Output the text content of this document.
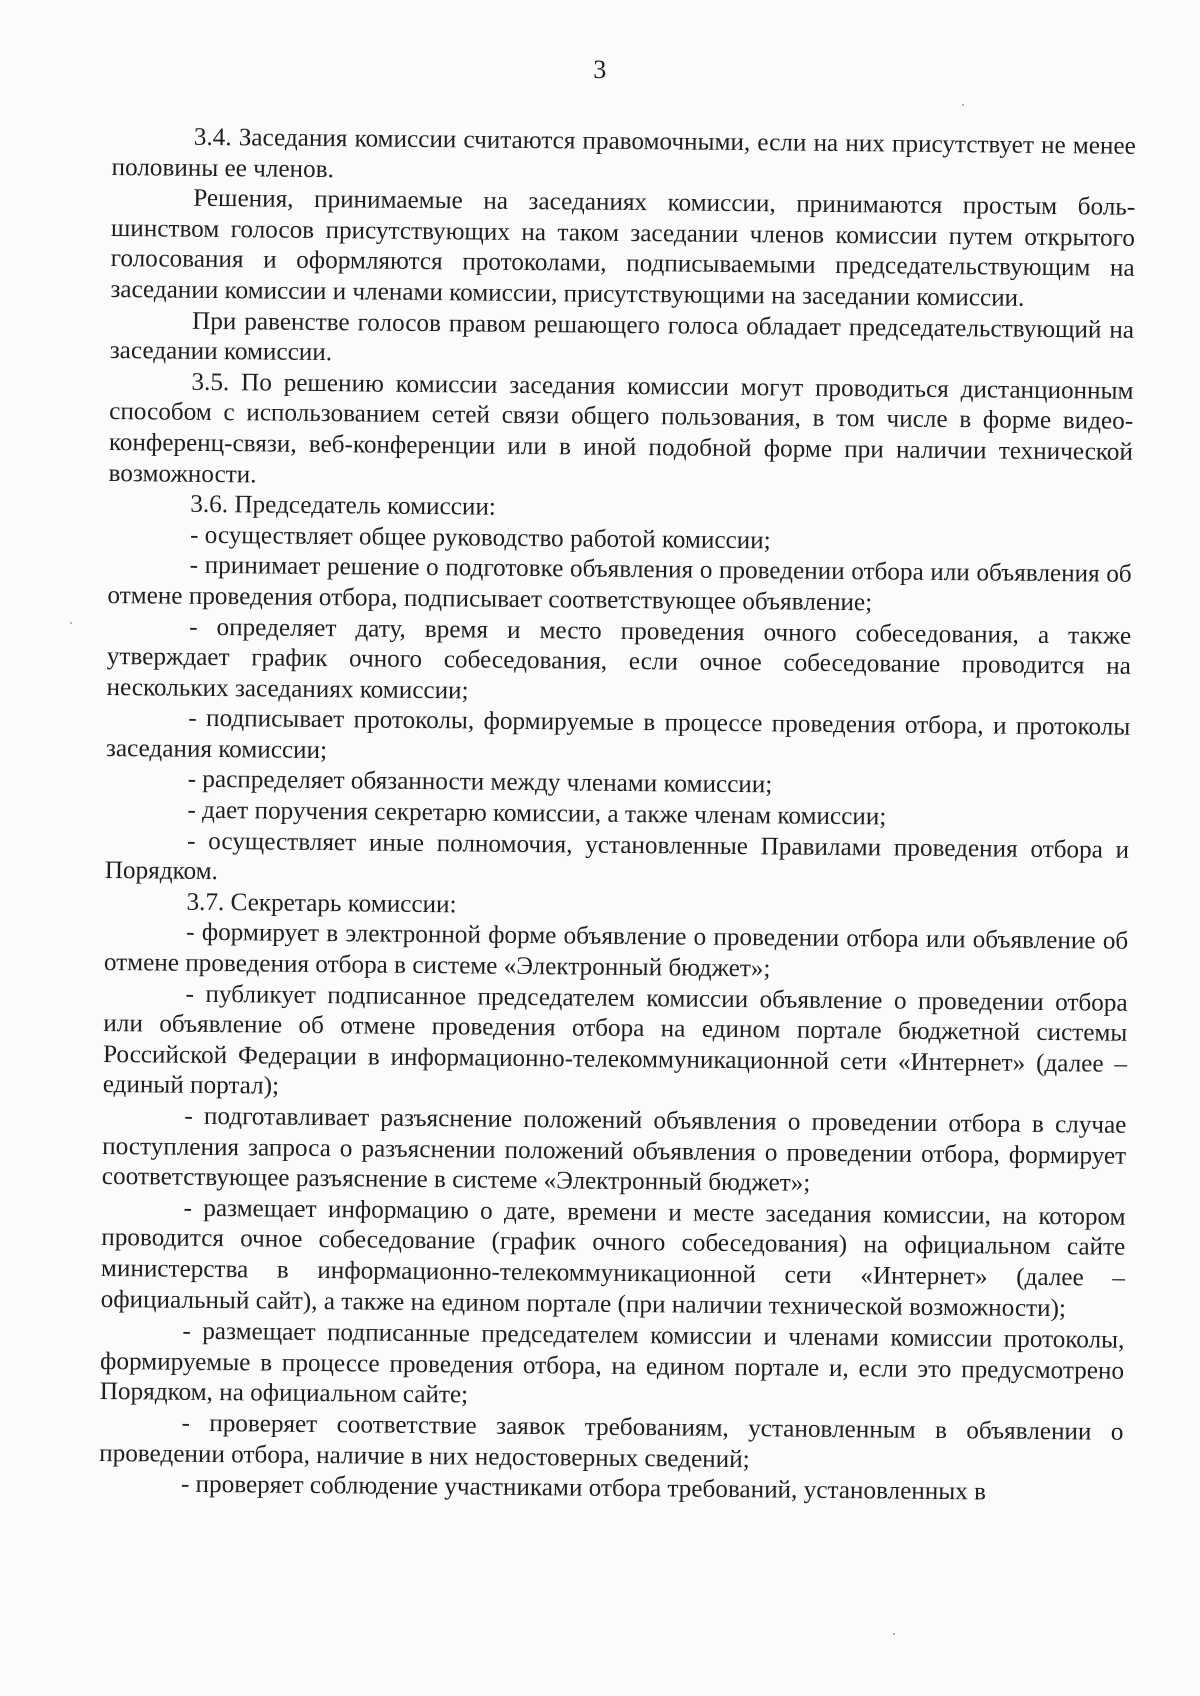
3

3.4. Заседания комиссии считаются правомочными, если на них присутствует не менее половины ее членов.

Решения, принимаемые на заседаниях комиссии, принимаются простым большинством голосов присутствующих на таком заседании членов комиссии путем открытого голосования и оформляются протоколами, подписываемыми председательствующим на заседании комиссии и членами комиссии, присутствующими на заседании комиссии.

При равенстве голосов правом решающего голоса обладает председательствующий на заседании комиссии.

3.5. По решению комиссии заседания комиссии могут проводиться дистанционным способом с использованием сетей связи общего пользования, в том числе в форме видео-конференц-связи, веб-конференции или в иной подобной форме при наличии технической возможности.

3.6. Председатель комиссии:

- осуществляет общее руководство работой комиссии;

- принимает решение о подготовке объявления о проведении отбора или объявления об отмене проведения отбора, подписывает соответствующее объявление;

- определяет дату, время и место проведения очного собеседования, а также утверждает график очного собеседования, если очное собеседование проводится на нескольких заседаниях комиссии;

- подписывает протоколы, формируемые в процессе проведения отбора, и протоколы заседания комиссии;

- распределяет обязанности между членами комиссии;

- дает поручения секретарю комиссии, а также членам комиссии;

- осуществляет иные полномочия, установленные Правилами проведения отбора и Порядком.

3.7. Секретарь комиссии:

- формирует в электронной форме объявление о проведении отбора или объявление об отмене проведения отбора в системе «Электронный бюджет»;

- публикует подписанное председателем комиссии объявление о проведении отбора или объявление об отмене проведения отбора на едином портале бюджетной системы Российской Федерации в информационно-телекоммуникационной сети «Интернет» (далее – единый портал);

- подготавливает разъяснение положений объявления о проведении отбора в случае поступления запроса о разъяснении положений объявления о проведении отбора, формирует соответствующее разъяснение в системе «Электронный бюджет»;

- размещает информацию о дате, времени и месте заседания комиссии, на котором проводится очное собеседование (график очного собеседования) на официальном сайте министерства в информационно-телекоммуникационной сети «Интернет» (далее – официальный сайт), а также на едином портале (при наличии технической возможности);

- размещает подписанные председателем комиссии и членами комиссии протоколы, формируемые в процессе проведения отбора, на едином портале и, если это предусмотрено Порядком, на официальном сайте;

- проверяет соответствие заявок требованиям, установленным в объявлении о проведении отбора, наличие в них недостоверных сведений;

- проверяет соблюдение участниками отбора требований, установленных в
